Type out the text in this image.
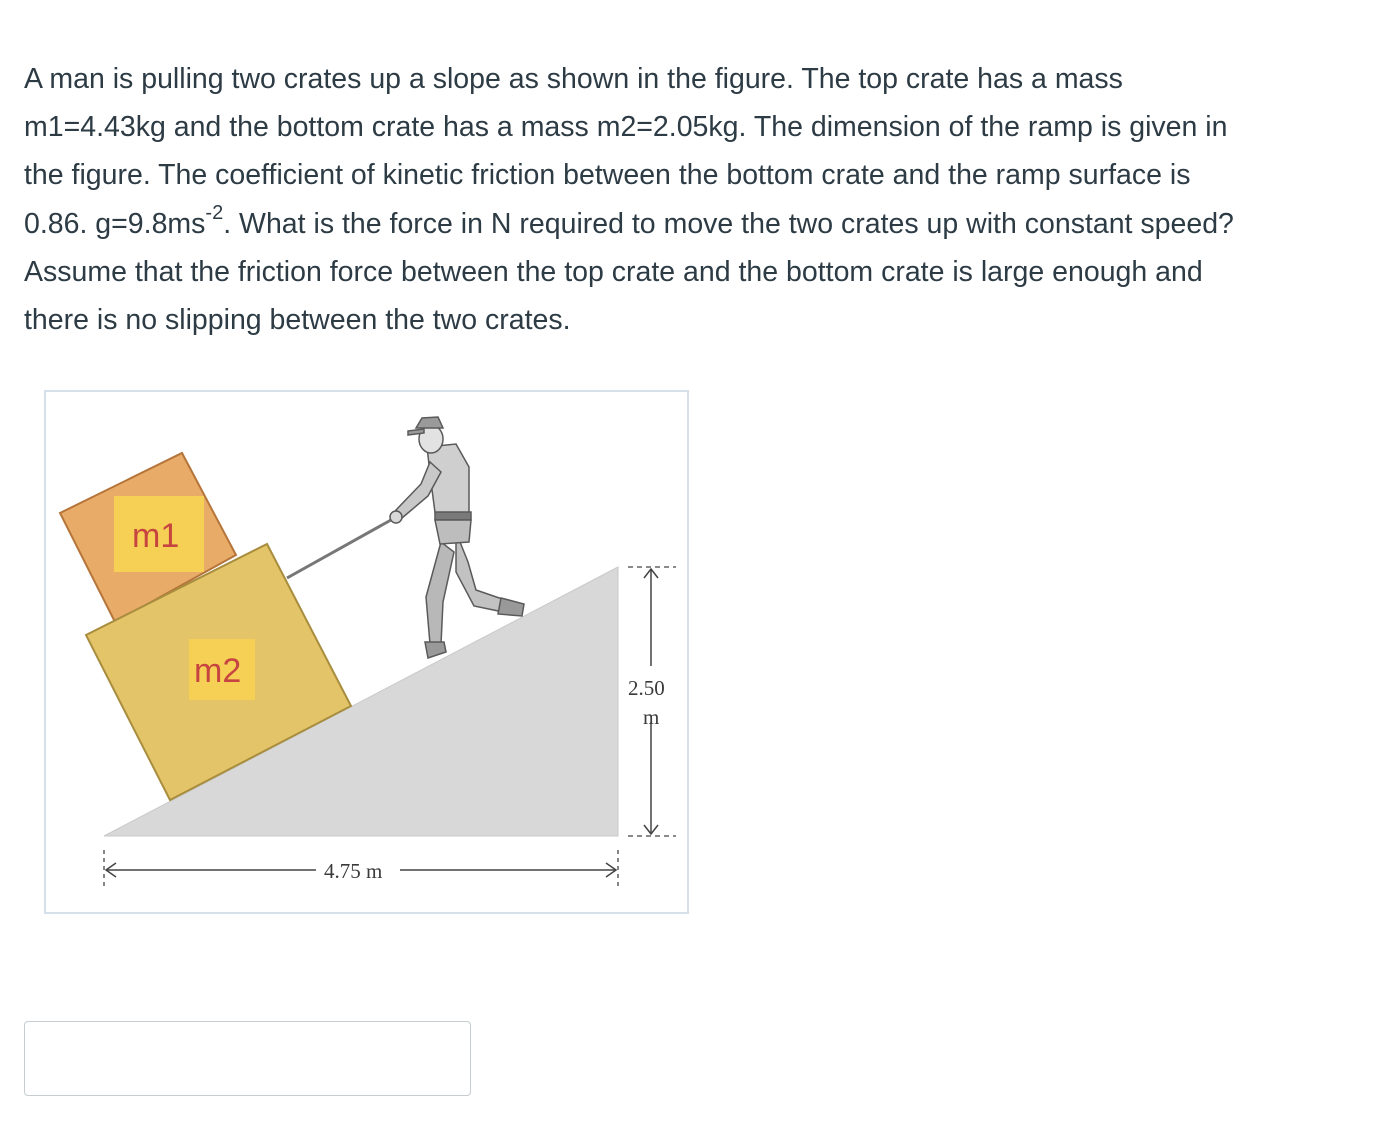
A man is pulling two crates up a slope as shown in the figure. The top crate has a mass

m1=4.43kg and the bottom crate has a mass m2=2.05kg. The dimension of the ramp is given in

the figure. The coefficient of kinetic friction between the bottom crate and the ramp surface is

0.86. $g=9.8ms^{-2}$. What is the force in N required to move the two crates up with constant speed?

Assume that the friction force between the top crate and the bottom crate is large enough and

there is no slipping between the two crates.

m1
m2	2.50
m
4.75 m
